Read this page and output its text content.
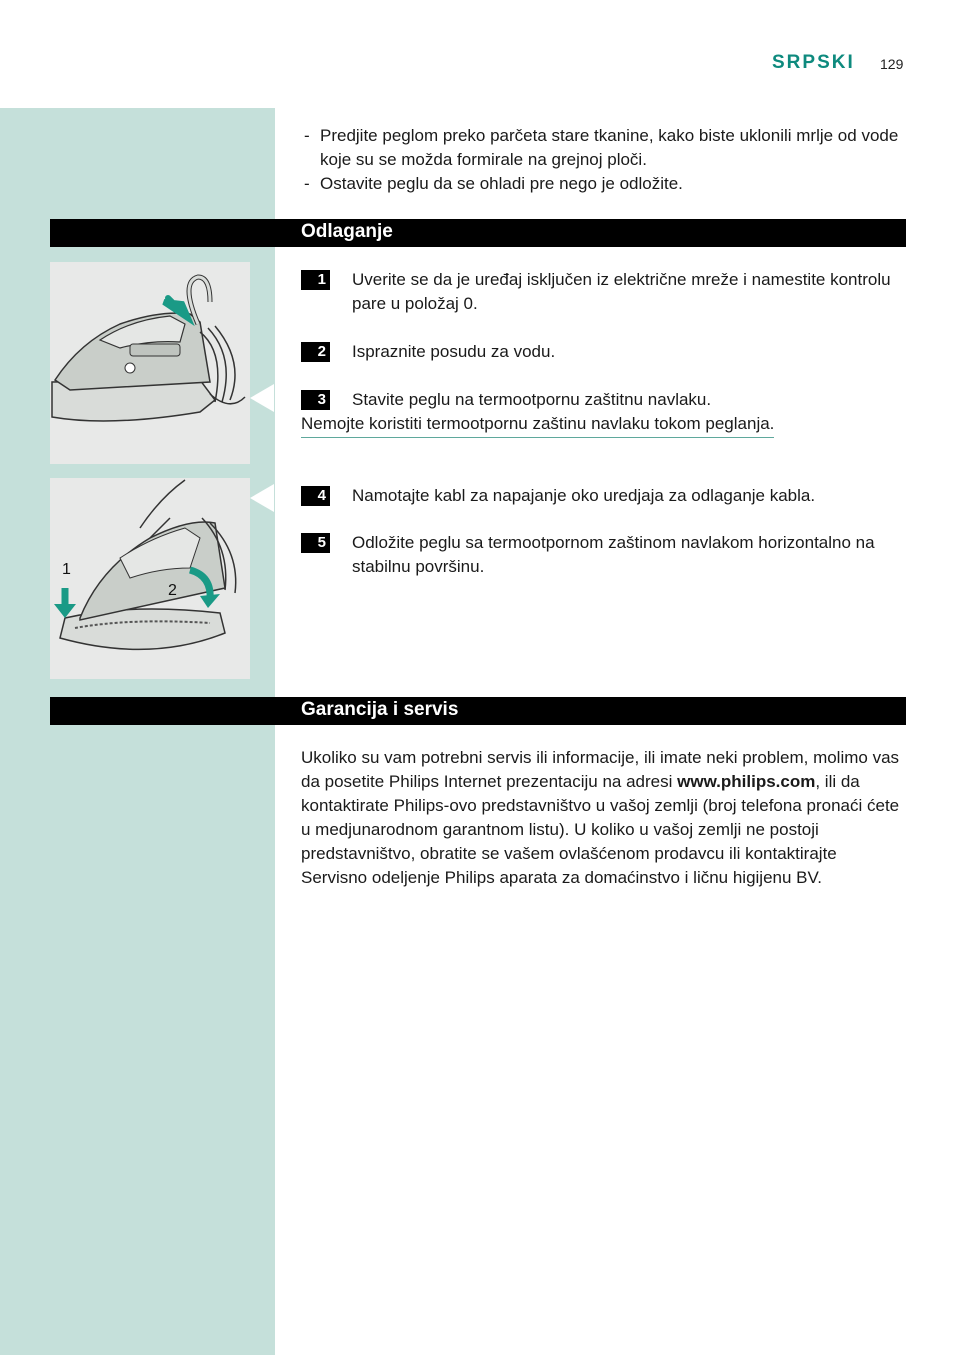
SRPSKI 129
- Predjite peglom preko parčeta stare tkanine, kako biste uklonili mrlje od vode koje su se možda formirale na grejnoj ploči.
- Ostavite peglu da se ohladi pre nego je odložite.
Odlaganje
1
2
1 Uverite se da je uređaj isključen iz električne mreže i namestite kontrolu pare u položaj 0.
2 Ispraznite posudu za vodu.
3 Stavite peglu na termootpornu zaštitnu navlaku.
Nemojte koristiti termootpornu zaštinu navlaku tokom peglanja.
4 Namotajte kabl za napajanje oko uredjaja za odlaganje kabla.
5 Odložite peglu sa termootpornom zaštinom navlakom horizontalno na stabilnu površinu.
Garancija i servis
Ukoliko su vam potrebni servis ili informacije, ili imate neki problem, molimo vas da posetite Philips Internet prezentaciju na adresi www.philips.com, ili da kontaktirate Philips-ovo predstavništvo u vašoj zemlji (broj telefona pronaći ćete u medjunarodnom garantnom listu). U koliko u vašoj zemlji ne postoji predstavništvo, obratite se vašem ovlašćenom prodavcu ili kontaktirajte Servisno odeljenje Philips aparata za domaćinstvo i ličnu higijenu BV.
